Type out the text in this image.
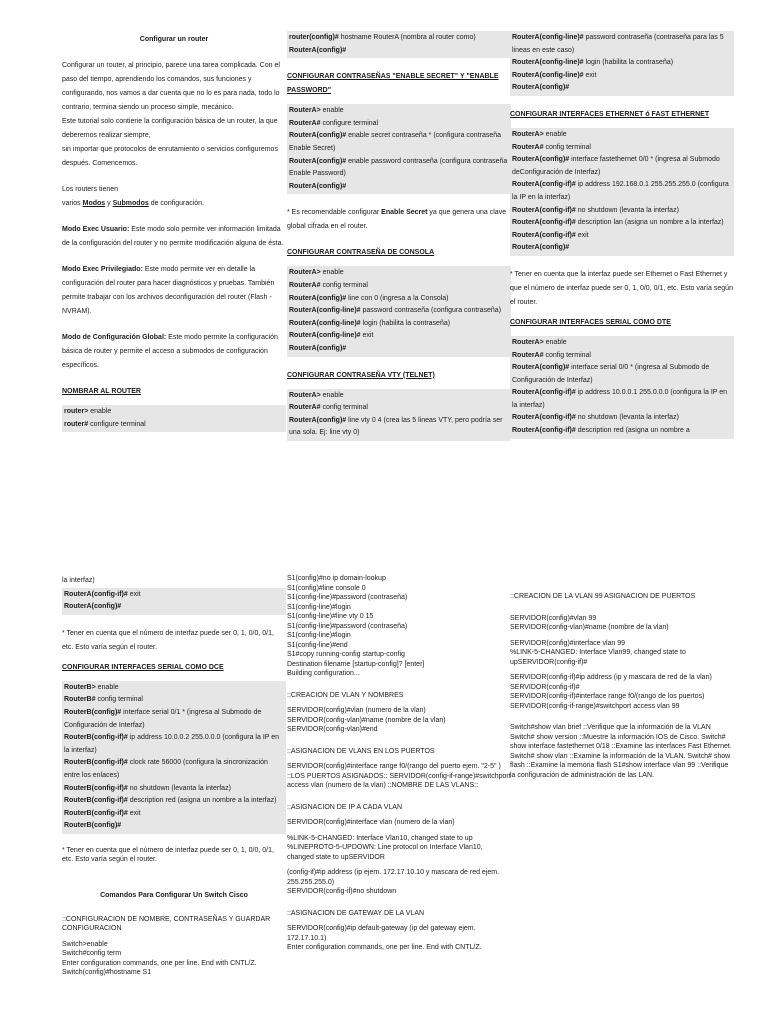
Configurar un router

Configurar un router, al principio, parece una tarea complicada. Con el paso del tiempo, aprendiendo los comandos, sus funciones y configurando, nos vamos a dar cuenta que no lo es para nada, todo lo contrario, termina siendo un proceso simple, mecánico.

Este tutorial solo contiene la configuración básica de un router, la que deberemos realizar siempre,

sin importar que protocolos de enrutamiento o servicios configuremos después. Comencemos.

Los routers tienen

varios Modos y Submodos de configuración.

Modo Exec Usuario: Este modo solo permite ver información limitada de la configuración del router y no permite modificación alguna de ésta.

Modo Exec Privilegiado: Este modo permite ver en detalle la configuración del router para hacer diagnósticos y pruebas. También permite trabajar con los archivos deconfiguración del router (Flash - NVRAM).

Modo de Configuración Global: Este modo permite la configuración básica de router y permite el acceso a submodos de configuración específicos.

NOMBRAR AL ROUTER

router> enable
router# configure terminal
router(config)# hostname RouterA (nombra al router como)
RouterA(config)#

CONFIGURAR CONTRASEÑAS "ENABLE SECRET" Y "ENABLE PASSWORD"

RouterA> enable
RouterA# configure terminal
RouterA(config)# enable secret contraseña * (configura contraseña Enable Secret)
RouterA(config)# enable password contraseña (configura contraseña Enable Password)
RouterA(config)#

* Es recomendable configurar Enable Secret ya que genera una clave global cifrada en el router.

CONFIGURAR CONTRASEÑA DE CONSOLA

RouterA> enable
RouterA# config terminal
RouterA(config)# line con 0 (ingresa a la Consola)
RouterA(config-line)# password contraseña (configura contraseña)
RouterA(config-line)# login (habilita la contraseña)
RouterA(config-line)# exit
RouterA(config)#

CONFIGURAR CONTRASEÑA VTY (TELNET)

RouterA> enable
RouterA# config terminal
RouterA(config)# line vty 0 4 (crea las 5 lineas VTY, pero podría ser una sola. Ej: line vty 0)
RouterA(config-line)# password contraseña (contraseña para las 5 lineas en este caso)
RouterA(config-line)# login (habilita la contraseña)
RouterA(config-line)# exit
RouterA(config)#

CONFIGURAR INTERFACES ETHERNET ó FAST ETHERNET

RouterA> enable
RouterA# config terminal
RouterA(config)# interface fastethernet 0/0 * (ingresa al Submodo deConfiguración de Interfaz)
RouterA(config-if)# ip address 192.168.0.1 255.255.255.0 (configura la IP en la interfaz)
RouterA(config-if)# no shutdown (levanta la interfaz)
RouterA(config-if)# description lan (asigna un nombre a la interfaz)
RouterA(config-if)# exit
RouterA(config)#

* Tener en cuenta que la interfaz puede ser Ethernet o Fast Ethernet y que el número de interfaz puede ser 0, 1, 0/0, 0/1, etc. Esto varía según el router.

CONFIGURAR INTERFACES SERIAL COMO DTE

RouterA> enable
RouterA# config terminal
RouterA(config)# interface serial 0/0 * (ingresa al Submodo de Configuración de Interfaz)
RouterA(config-if)# ip address 10.0.0.1 255.0.0.0 (configura la IP en la interfaz)
RouterA(config-if)# no shutdown (levanta la interfaz)
RouterA(config-if)# description red (asigna un nombre a

la interfaz)

RouterA(config-if)# exit
RouterA(config)#

* Tener en cuenta que el número de interfaz puede ser 0, 1, 0/0, 0/1, etc. Esto varía según el router.

CONFIGURAR INTERFACES SERIAL COMO DCE

RouterB> enable
RouterB# config terminal
RouterB(config)# interface serial 0/1 * (ingresa al Submodo de Configuración de Interfaz)
RouterB(config-if)# ip address 10.0.0.2 255.0.0.0 (configura la IP en la interfaz)
RouterB(config-if)# clock rate 56000 (configura la sincronización entre los enlaces)
RouterB(config-if)# no shutdown (levanta la interfaz)
RouterB(config-if)# description red (asigna un nombre a la interfaz)
RouterB(config-if)# exit
RouterB(config)#

* Tener en cuenta que el número de interfaz puede ser 0, 1, 0/0, 0/1, etc. Esto varía según el router.

Comandos Para Configurar Un Switch Cisco

::CONFIGURACION DE NOMBRE, CONTRASEÑAS Y GUARDAR CONFIGURACION

Switch>enable

Switch#config term

Enter configuration commands, one per line. End with CNTL/Z.

Switch(config)#hostname S1

S1(config)#no ip domain-lookup

S1(config)#line console 0

S1(config-line)#password (contraseña)

S1(config-line)#login

S1(config-line)#line vty 0 15

S1(config-line)#password (contraseña)

S1(config-line)#login

S1(config-line)#end

S1#copy running-config startup-config

Destination filename [startup-config]? [enter]

Building configuration...

::CREACION DE VLAN Y NOMBRES

SERVIDOR(config)#vlan (numero de la vlan)

SERVIDOR(config-vlan)#name (nombre de la vlan)

SERVIDOR(config-vlan)#end

::ASIGNACION DE VLANS EN LOS PUERTOS

SERVIDOR(config)#interface range f0/(rango del puerto ejem. "2-5" ) ::LOS PUERTOS ASIGNADOS:: SERVIDOR(config-if-range)#switchport access vlan (numero de la vlan) ::NOMBRE DE LAS VLANS::

::ASIGNACION DE IP A CADA VLAN

SERVIDOR(config)#interface vlan (numero de la vlan)

%LINK-5-CHANGED: Interface Vlan10, changed state to up

%LINEPROTO-5-UPDOWN: Line protocol on Interface Vlan10, changed state to upSERVIDOR

(config-if)#ip address (ip ejem. 172.17.10.10 y mascara de red ejem. 255.255.255.0)

SERVIDOR(config-if)#no shutdown

::ASIGNACION DE GATEWAY DE LA VLAN

SERVIDOR(config)#ip default-gateway (ip del gateway ejem. 172.17.10.1)

Enter configuration commands, one per line. End with CNTL/Z.

::CREACION DE LA VLAN 99 ASIGNACION DE PUERTOS

SERVIDOR(config)#vlan 99

SERVIDOR(config-vlan)#name (nombre de la vlan)

SERVIDOR(config)#interface vlan 99

%LINK-5-CHANGED: Interface Vlan99, changed state to upSERVIDOR(config-if)#

SERVIDOR(config-if)#ip address (ip y mascara de red de la vlan)

SERVIDOR(config-if)#

SERVIDOR(config-if)#interface range f0/(rango de los puertos)

SERVIDOR(config-if-range)#switchport access vlan 99

Switch#show vlan brief ::Verifique que la información de la VLAN Switch# show version ::Muestre la información IOS de Cisco. Switch# show interface fastethernet 0/18 ::Examine las interfaces Fast Ethernet. Switch# show vlan ::Examine la información de la VLAN. Switch# show flash ::Examine la memoria flash S1#show interface vlan 99 ::Verifique la configuración de administración de las LAN.
